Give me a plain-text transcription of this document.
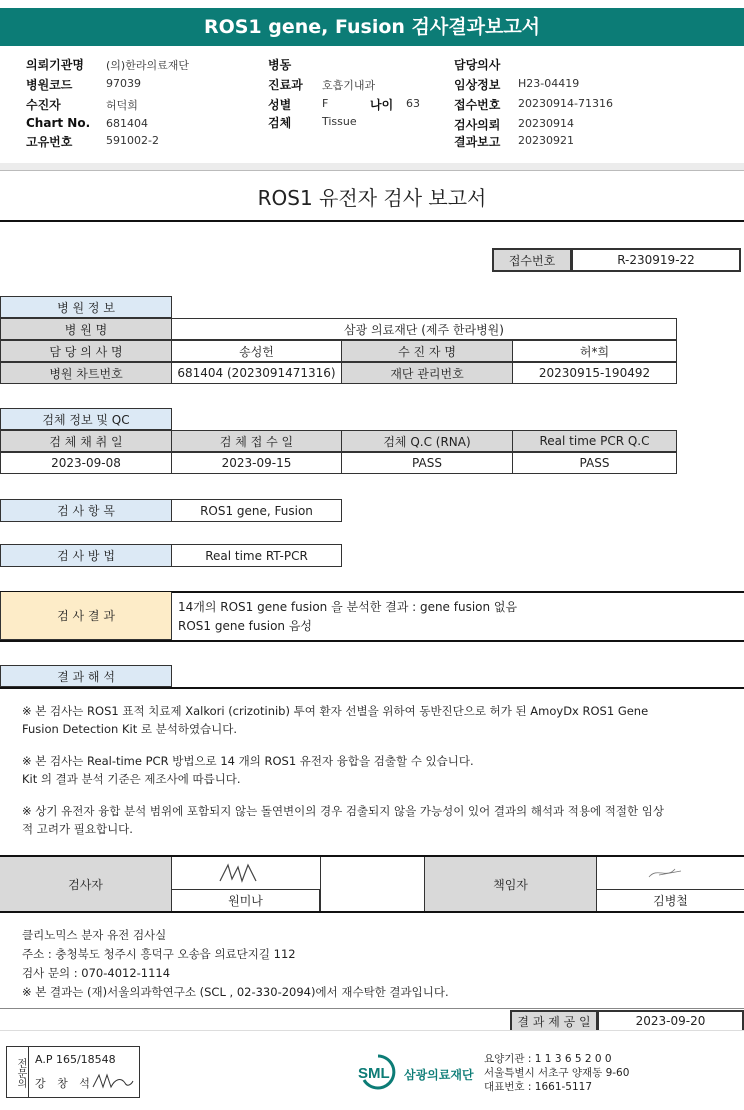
ROS1 gene, Fusion 검사결과보고서
의뢰기관명 (의)한라의료재단
병원코드	97039
수진자	허덕희
Chart No. 681404
고유번호	591002-2
병동
진료과 호흡기내과
성별	F	나이 63
검체	Tissue
담당의사
임상정보 H23-04419
접수번호 20230914-71316
검사의뢰 20230914
결과보고 20230921
ROS1 유전자 검사 보고서
접수번호	R-230919-22
병 원 정 보
병 원 명	삼광 의료재단 (제주 한라병원)
담 당 의 사 명	송성헌	수 진 자 명	허*희
병원 차트번호	681404 (2023091471316)	재단 관리번호	20230915-190492
검체 정보 및 QC
검 체 채 취 일	검 체 접 수 일	검체 Q.C (RNA)	Real time PCR Q.C
2023-09-08	2023-09-15	PASS	PASS
검 사 항 목	ROS1 gene, Fusion
검 사 방 법	Real time RT-PCR
검 사 결 과
14개의 ROS1 gene fusion 을 분석한 결과 : gene fusion 없음
ROS1 gene fusion 음성
결 과 해 석
※ 본 검사는 ROS1 표적 치료제 Xalkori (crizotinib) 투여 환자 선별을 위하여 동반진단으로 허가 된 AmoyDx ROS1 Gene
Fusion Detection Kit 로 분석하였습니다.
※ 본 검사는 Real-time PCR 방법으로 14 개의 ROS1 유전자 융합을 검출할 수 있습니다.
Kit 의 결과 분석 기준은 제조사에 따릅니다.
※ 상기 유전자 융합 분석 범위에 포함되지 않는 돌연변이의 경우 검출되지 않을 가능성이 있어 결과의 해석과 적용에 적절한 임상
적 고려가 필요합니다.
검사자
원미나
책임자
김병철
클리노믹스 분자 유전 검사실
주소 : 충청북도 청주시 흥덕구 오송읍 의료단지길 112
검사 문의 : 070-4012-1114
※ 본 결과는 (재)서울의과학연구소 (SCL , 02-330-2094)에서 재수탁한 결과입니다.
결 과 제 공 일	2023-09-20
전문의 A.P 165/18548
강 창 석
SML 삼광의료재단
요양기관 : 1 1 3 6 5 2 0 0
서울특별시 서초구 양재동 9-60
대표번호 : 1661-5117
